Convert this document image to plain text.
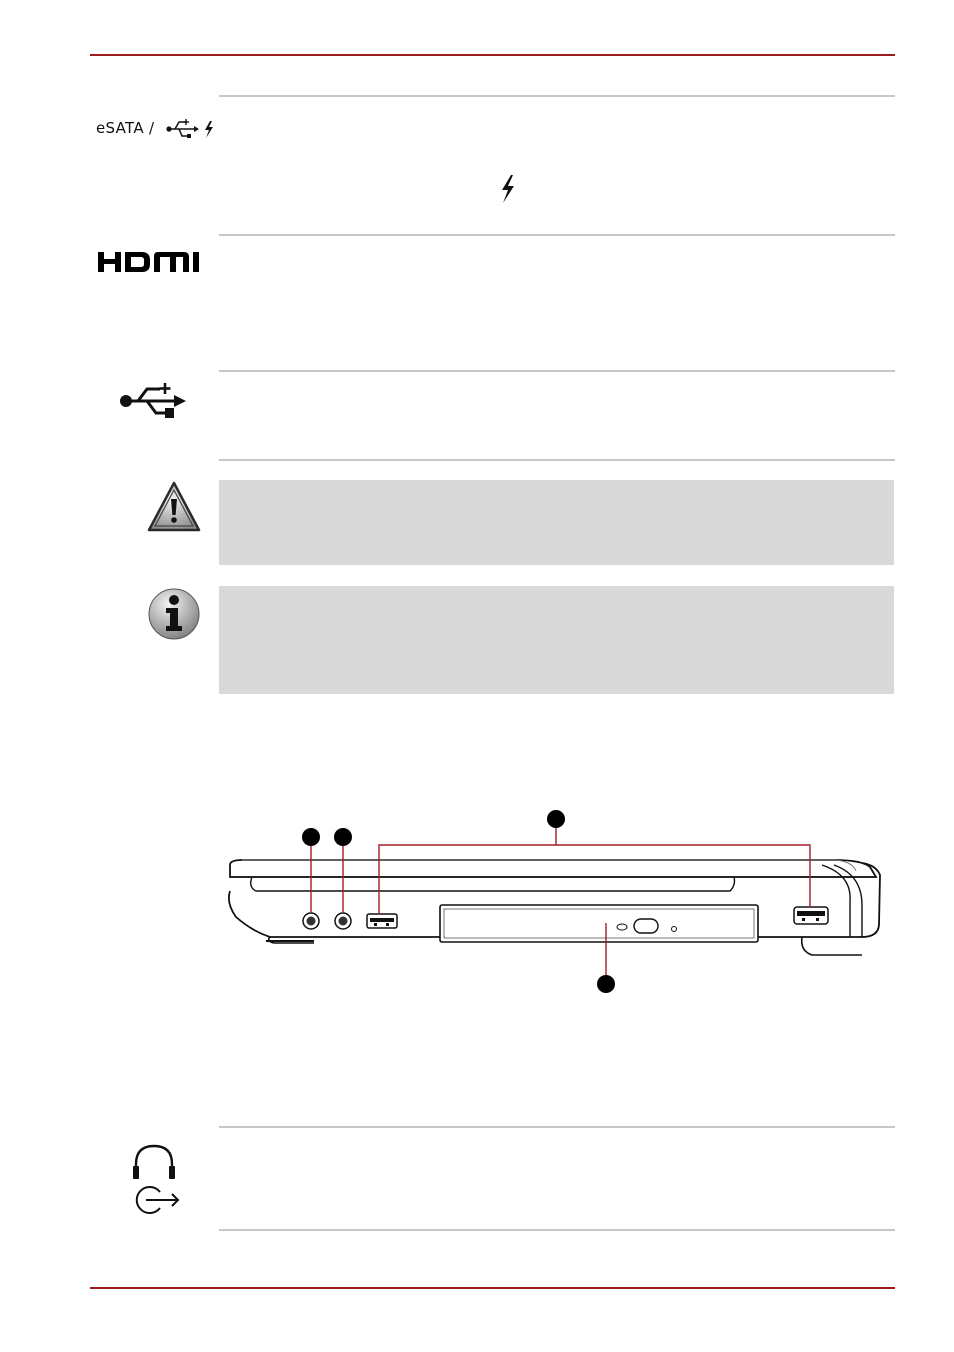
eSATA /
